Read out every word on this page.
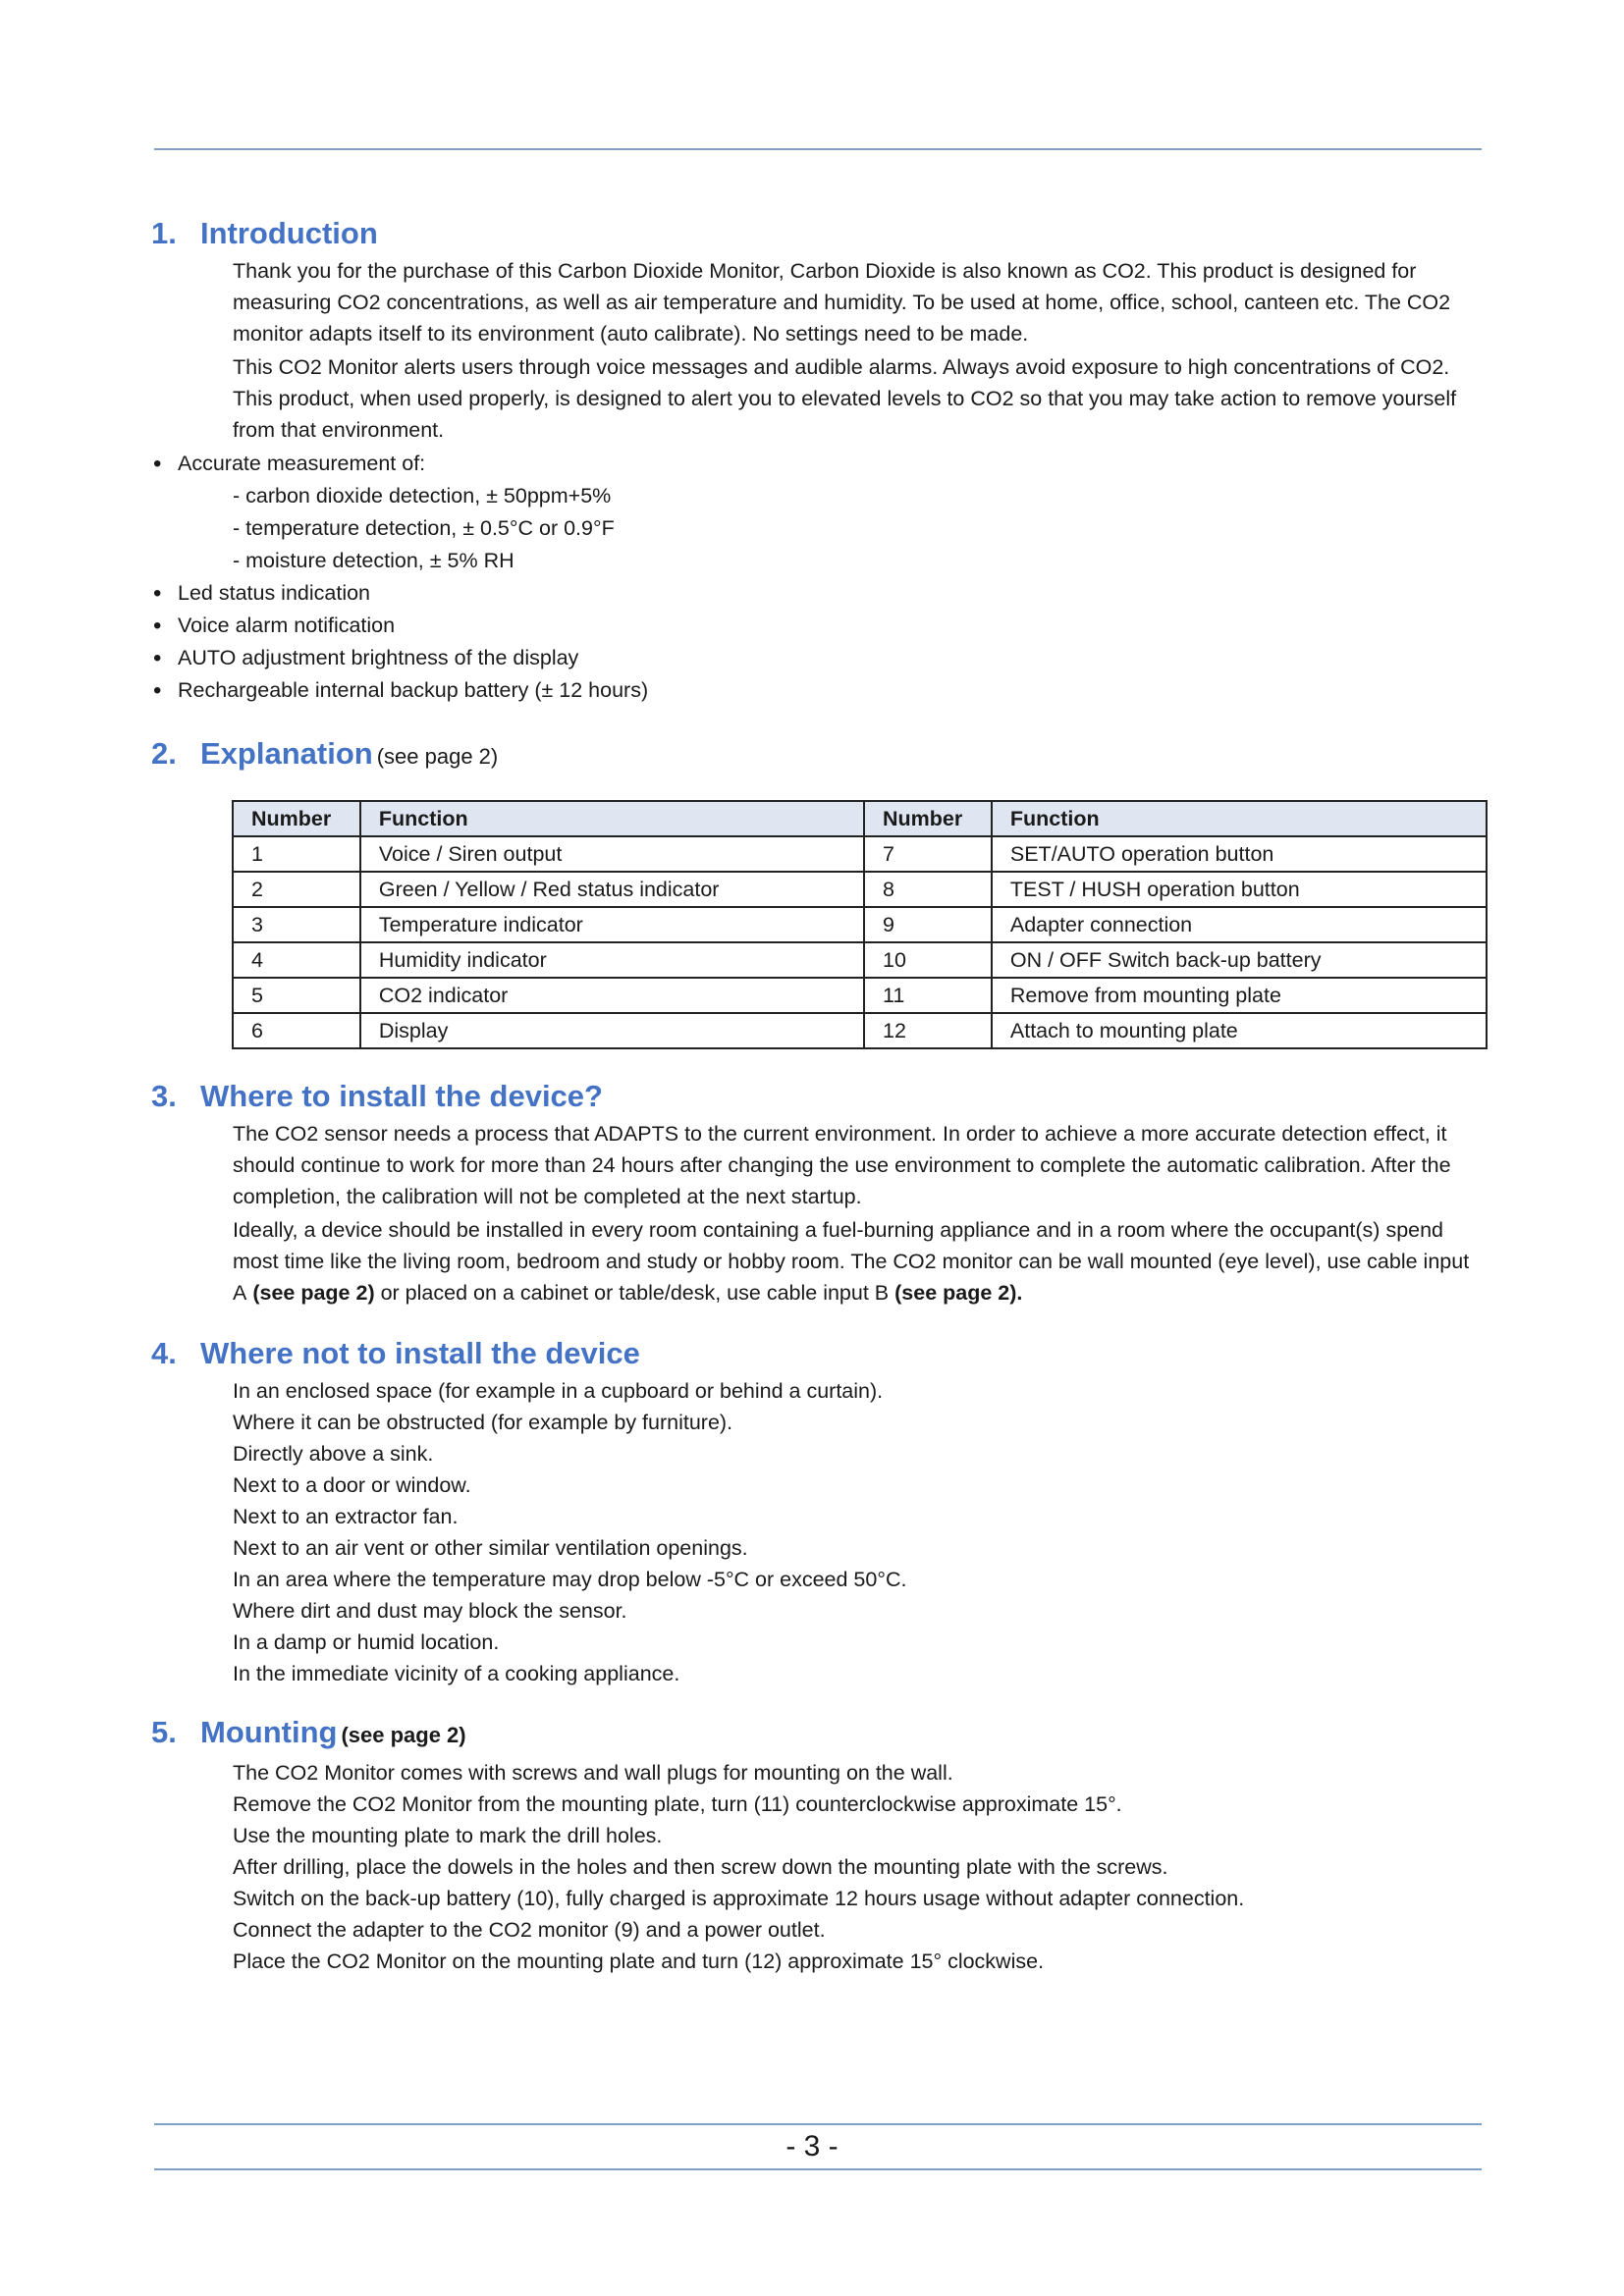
1. Introduction

Thank you for the purchase of this Carbon Dioxide Monitor, Carbon Dioxide is also known as CO2. This product is designed for measuring CO2 concentrations, as well as air temperature and humidity. To be used at home, office, school, canteen etc. The CO2 monitor adapts itself to its environment (auto calibrate). No settings need to be made.

This CO2 Monitor alerts users through voice messages and audible alarms. Always avoid exposure to high concentrations of CO2. This product, when used properly, is designed to alert you to elevated levels to CO2 so that you may take action to remove yourself from that environment.

• Accurate measurement of:
- carbon dioxide detection, ± 50ppm+5%
- temperature detection, ± 0.5°C or 0.9°F
- moisture detection, ± 5% RH
• Led status indication
• Voice alarm notification
• AUTO adjustment brightness of the display
• Rechargeable internal backup battery (± 12 hours)
2. Explanation (see page 2)
Number	Function	Number	Function
1	Voice / Siren output	7	SET/AUTO operation button
2	Green / Yellow / Red status indicator	8	TEST / HUSH operation button
3	Temperature indicator	9	Adapter connection
4	Humidity indicator	10	ON / OFF Switch back-up battery
5	CO2 indicator	11	Remove from mounting plate
6	Display	12	Attach to mounting plate
3. Where to install the device?

The CO2 sensor needs a process that ADAPTS to the current environment. In order to achieve a more accurate detection effect, it should continue to work for more than 24 hours after changing the use environment to complete the automatic calibration. After the completion, the calibration will not be completed at the next startup.

Ideally, a device should be installed in every room containing a fuel-burning appliance and in a room where the occupant(s) spend most time like the living room, bedroom and study or hobby room. The CO2 monitor can be wall mounted (eye level), use cable input A (see page 2) or placed on a cabinet or table/desk, use cable input B (see page 2).

4. Where not to install the device

In an enclosed space (for example in a cupboard or behind a curtain).

Where it can be obstructed (for example by furniture).

Directly above a sink.

Next to a door or window.

Next to an extractor fan.

Next to an air vent or other similar ventilation openings.

In an area where the temperature may drop below -5°C or exceed 50°C.

Where dirt and dust may block the sensor.

In a damp or humid location.

In the immediate vicinity of a cooking appliance.

5. Mounting (see page 2)

The CO2 Monitor comes with screws and wall plugs for mounting on the wall.

Remove the CO2 Monitor from the mounting plate, turn (11) counterclockwise approximate 15°.

Use the mounting plate to mark the drill holes.

After drilling, place the dowels in the holes and then screw down the mounting plate with the screws.

Switch on the back-up battery (10), fully charged is approximate 12 hours usage without adapter connection.

Connect the adapter to the CO2 monitor (9) and a power outlet.

Place the CO2 Monitor on the mounting plate and turn (12) approximate 15° clockwise.

- 3 -
